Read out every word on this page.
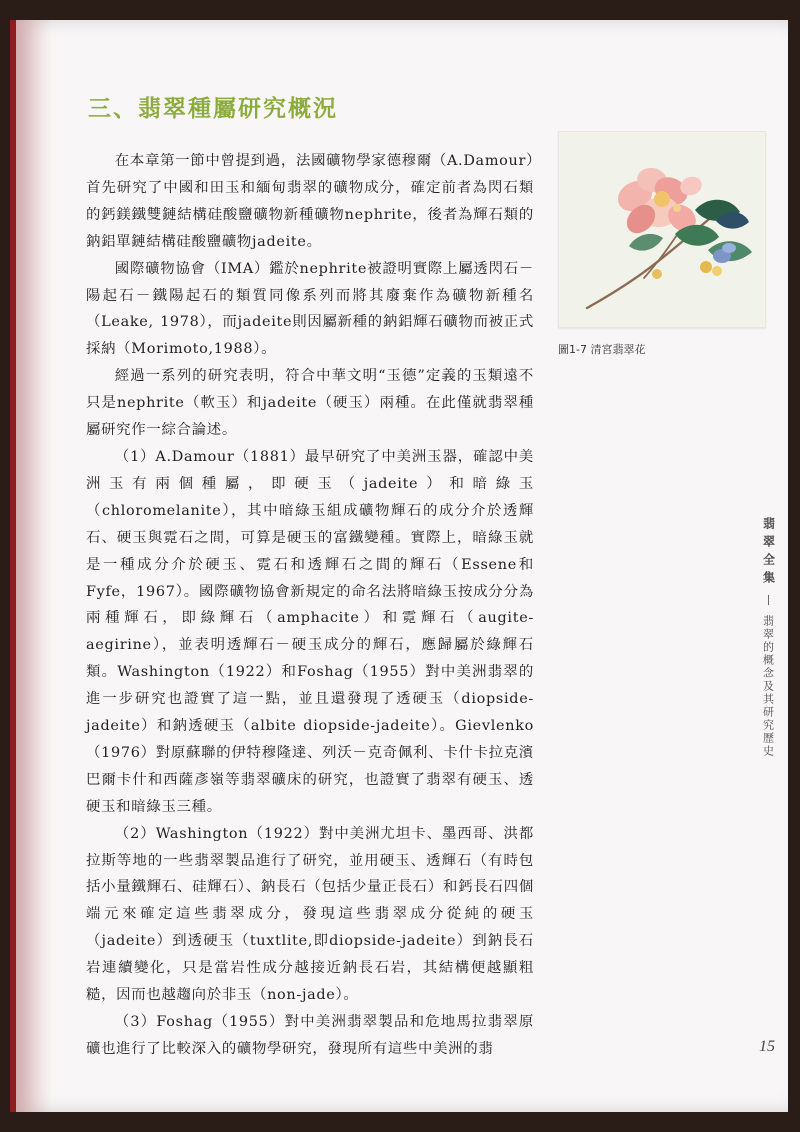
三、翡翠種屬研究概況

在本章第一節中曾提到過，法國礦物學家德穆爾（A.Damour）首先研究了中國和田玉和緬甸翡翠的礦物成分，確定前者為閃石類的鈣鎂鐵雙鏈結構硅酸鹽礦物新種礦物nephrite，後者為輝石類的鈉鋁單鏈結構硅酸鹽礦物jadeite。

國際礦物協會（IMA）鑑於nephrite被證明實際上屬透閃石－陽起石－鐵陽起石的類質同像系列而將其廢棄作為礦物新種名（Leake, 1978），而jadeite則因屬新種的鈉鋁輝石礦物而被正式採納（Morimoto,1988）。

經過一系列的研究表明，符合中華文明“玉德”定義的玉類遠不只是nephrite（軟玉）和jadeite（硬玉）兩種。在此僅就翡翠種屬研究作一綜合論述。

（1）A.Damour（1881）最早研究了中美洲玉器，確認中美洲玉有兩個種屬，即硬玉（jadeite）和暗綠玉（chloromelanite），其中暗綠玉組成礦物輝石的成分介於透輝石、硬玉與霓石之間，可算是硬玉的富鐵變種。實際上，暗綠玉就是一種成分介於硬玉、霓石和透輝石之間的輝石（Essene和Fyfe，1967）。國際礦物協會新規定的命名法將暗綠玉按成分分為兩種輝石，即綠輝石（amphacite）和霓輝石（augite-aegirine），並表明透輝石－硬玉成分的輝石，應歸屬於綠輝石類。Washington（1922）和Foshag（1955）對中美洲翡翠的進一步研究也證實了這一點，並且還發現了透硬玉（diopside-jadeite）和鈉透硬玉（albite diopside-jadeite）。Gievlenko（1976）對原蘇聯的伊特穆隆達、列沃－克奇佩利、卡什卡拉克濱巴爾卡什和西薩彥嶺等翡翠礦床的研究，也證實了翡翠有硬玉、透硬玉和暗綠玉三種。

（2）Washington（1922）對中美洲尤坦卡、墨西哥、洪都拉斯等地的一些翡翠製品進行了研究，並用硬玉、透輝石（有時包括小量鐵輝石、硅輝石）、鈉長石（包括少量正長石）和鈣長石四個端元來確定這些翡翠成分，發現這些翡翠成分從純的硬玉（jadeite）到透硬玉（tuxtlite,即diopside-jadeite）到鈉長石岩連續變化，只是當岩性成分越接近鈉長石岩，其結構便越顯粗糙，因而也越趨向於非玉（non-jade）。

（3）Foshag（1955）對中美洲翡翠製品和危地馬拉翡翠原礦也進行了比較深入的礦物學研究，發現所有這些中美洲的翡

圖1-7 清宮翡翠花
翡翠全集
翡翠的概念及其研究歷史
15
